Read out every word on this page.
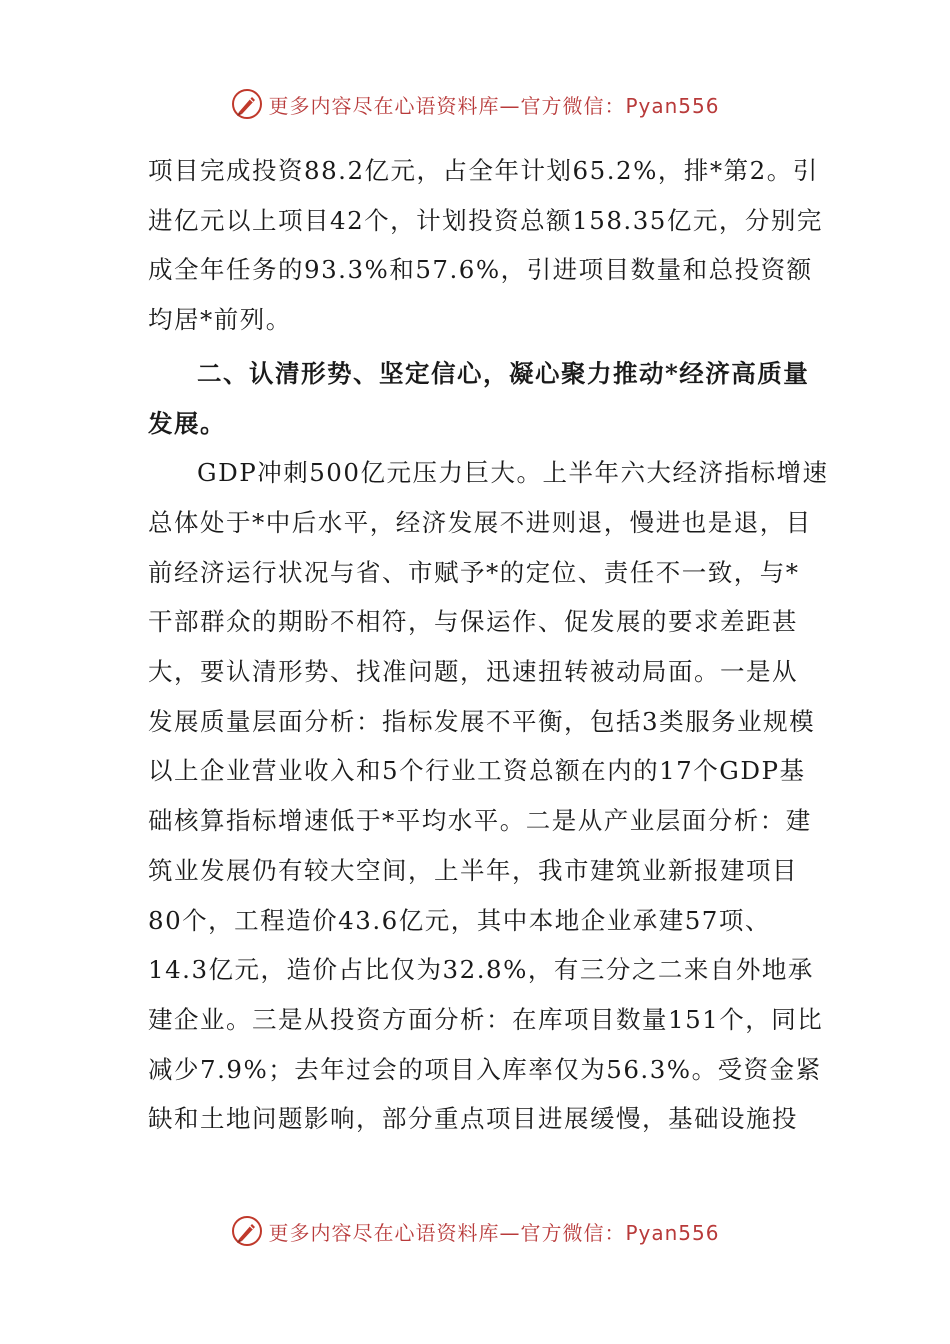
更多内容尽在心语资料库—官方微信：Pyan556

项目完成投资88.2亿元，占全年计划65.2%，排*第2。引
进亿元以上项目42个，计划投资总额158.35亿元，分别完
成全年任务的93.3%和57.6%，引进项目数量和总投资额
均居*前列。

二、认清形势、坚定信心，凝心聚力推动*经济高质量
发展。

GDP冲刺500亿元压力巨大。上半年六大经济指标增速
总体处于*中后水平，经济发展不进则退，慢进也是退，目
前经济运行状况与省、市赋予*的定位、责任不一致，与*
干部群众的期盼不相符，与保运作、促发展的要求差距甚
大，要认清形势、找准问题，迅速扭转被动局面。一是从
发展质量层面分析：指标发展不平衡，包括3类服务业规模
以上企业营业收入和5个行业工资总额在内的17个GDP基
础核算指标增速低于*平均水平。二是从产业层面分析：建
筑业发展仍有较大空间，上半年，我市建筑业新报建项目
80个，工程造价43.6亿元，其中本地企业承建57项、
14.3亿元，造价占比仅为32.8%，有三分之二来自外地承
建企业。三是从投资方面分析：在库项目数量151个，同比
减少7.9%；去年过会的项目入库率仅为56.3%。受资金紧
缺和土地问题影响，部分重点项目进展缓慢，基础设施投

更多内容尽在心语资料库—官方微信：Pyan556
